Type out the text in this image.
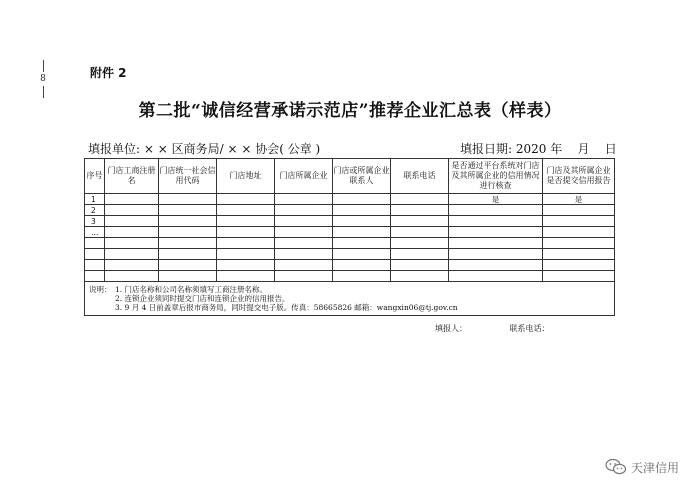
8	附件 2
第二批“诚信经营承诺示范店”推荐企业汇总表（样表）
填报单位: × × 区商务局/ × × 协会( 公章 )	填报日期: 2020 年    月    日
序号	门店工商注册名	门店统一社会信用代码	门店地址	门店所属企业	门店或所属企业联系人	联系电话	是否通过平台系统对门店及其所属企业的信用情况进行核查	门店及其所属企业是否提交信用报告
1							是	是
2								
3								
…								

说明： 1. 门店名称和公司名称须填写工商注册名称。
2. 连锁企业须同时提交门店和连锁企业的信用报告。
3. 9 月 4 日前盖章后报市商务局，同时提交电子版。传真：58665826 邮箱：wangxin06@tj.gov.cn								
填报人：	联系电话：
天津信用
